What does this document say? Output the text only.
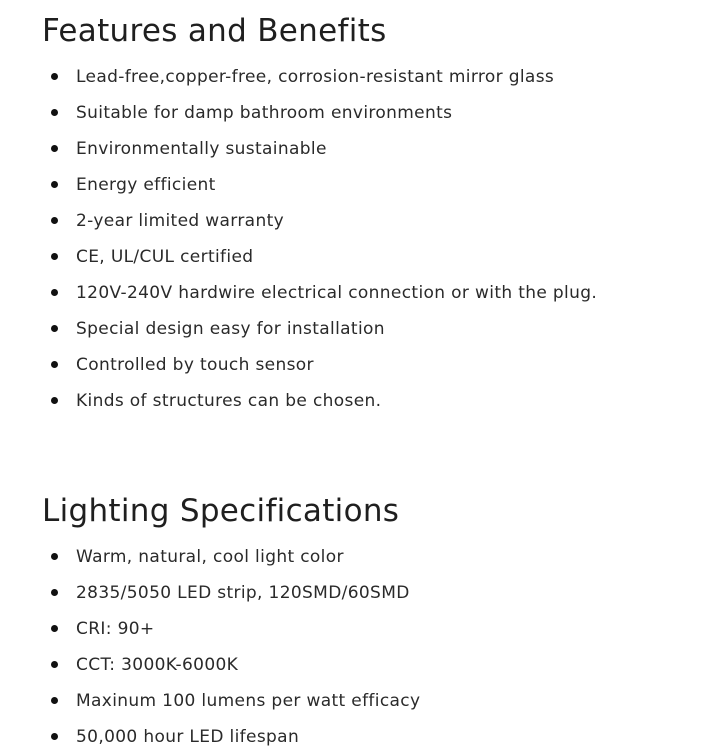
Features and Benefits
Lead-free,copper-free, corrosion-resistant mirror glass
Suitable for damp bathroom environments
Environmentally sustainable
Energy efficient
2-year limited warranty
CE, UL/CUL certified
120V-240V hardwire electrical connection or with the plug.
Special design easy for installation
Controlled by touch sensor
Kinds of structures can be chosen.
Lighting Specifications
Warm, natural, cool light color
2835/5050 LED strip, 120SMD/60SMD
CRI: 90+
CCT: 3000K-6000K
Maxinum 100 lumens per watt efficacy
50,000 hour LED lifespan
